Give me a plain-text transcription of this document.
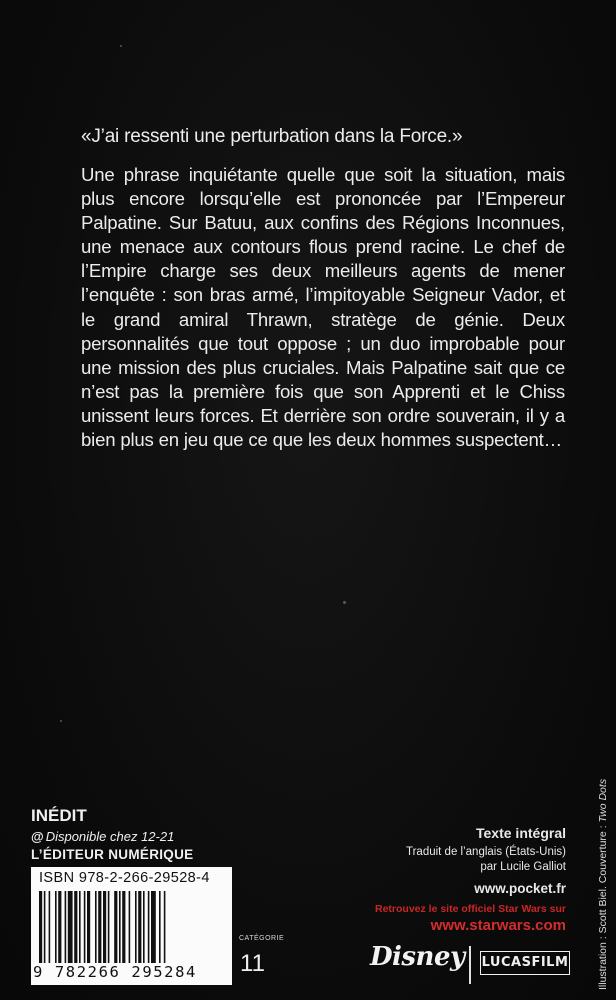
«J’ai ressenti une perturbation dans la Force.»

Une phrase inquiétante quelle que soit la situation, mais plus encore lorsqu’elle est prononcée par l’Empereur Palpatine. Sur Batuu, aux confins des Régions Inconnues, une menace aux contours flous prend racine. Le chef de l’Empire charge ses deux meilleurs agents de mener l’enquête : son bras armé, l’impitoyable Seigneur Vador, et le grand amiral Thrawn, stratège de génie. Deux personnalités que tout oppose ; un duo improbable pour une mission des plus cruciales. Mais Palpatine sait que ce n’est pas la première fois que son Apprenti et le Chiss unissent leurs forces. Et derrière son ordre souverain, il y a bien plus en jeu que ce que les deux hommes suspectent…

INÉDIT
@ Disponible chez 12-21
L’ÉDITEUR NUMÉRIQUE
ISBN 978-2-266-29528-4
9 782266 295284
CATÉGORIE
11
Texte intégral
Traduit de l’anglais (États-Unis)
par Lucile Galliot
www.pocket.fr
Retrouvez le site officiel Star Wars sur
www.starwars.com
Disney LUCASFILM	Illustration : Scott Biel. Couverture : Two Dots
